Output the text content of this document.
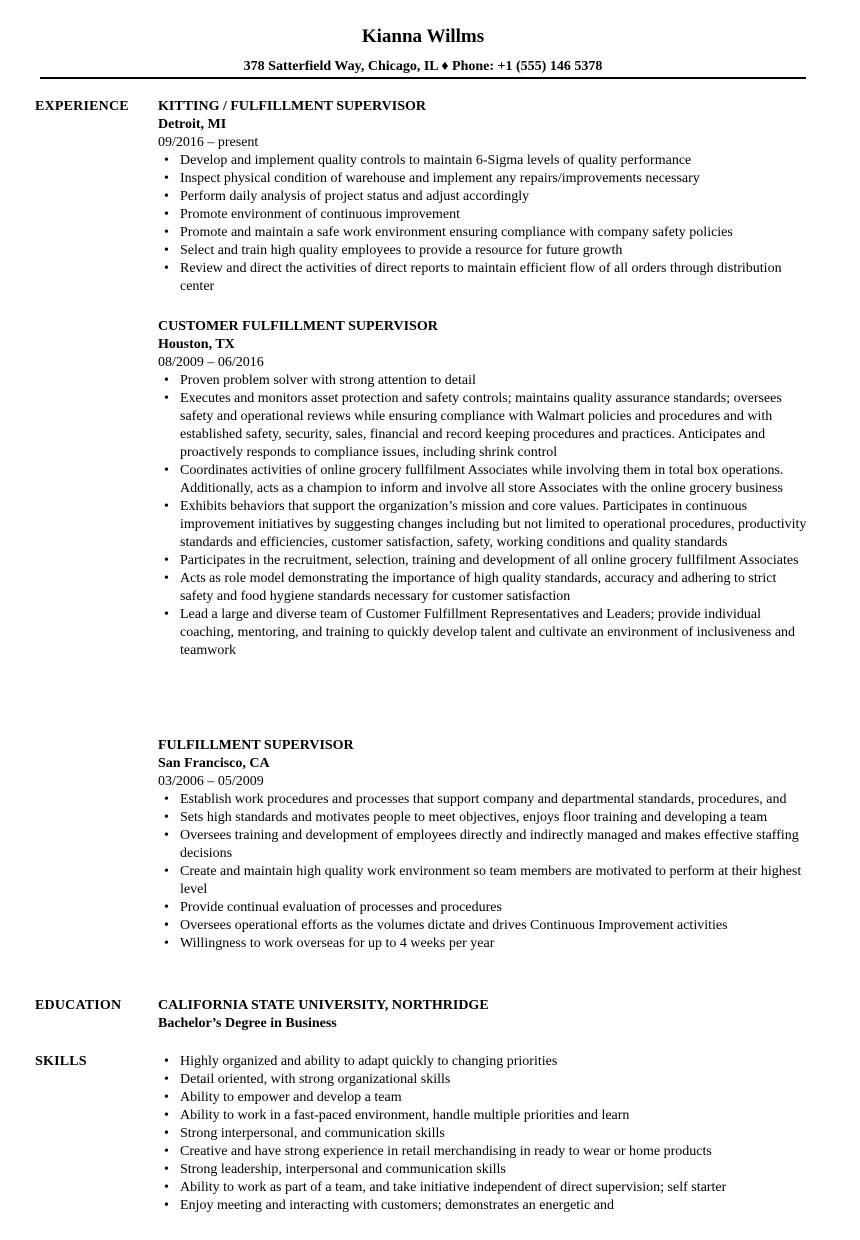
Kianna Willms
378 Satterfield Way, Chicago, IL ♦ Phone: +1 (555) 146 5378
EXPERIENCE KITTING / FULFILLMENT SUPERVISOR
Detroit, MI
09/2016 – present
• Develop and implement quality controls to maintain 6-Sigma levels of quality performance
• Inspect physical condition of warehouse and implement any repairs/improvements necessary
• Perform daily analysis of project status and adjust accordingly
• Promote environment of continuous improvement
• Promote and maintain a safe work environment ensuring compliance with company safety policies
• Select and train high quality employees to provide a resource for future growth
• Review and direct the activities of direct reports to maintain efficient flow of all orders through distribution center
CUSTOMER FULFILLMENT SUPERVISOR
Houston, TX
08/2009 – 06/2016
• Proven problem solver with strong attention to detail
• Executes and monitors asset protection and safety controls; maintains quality assurance standards; oversees safety and operational reviews while ensuring compliance with Walmart policies and procedures and with established safety, security, sales, financial and record keeping procedures and practices. Anticipates and proactively responds to compliance issues, including shrink control
• Coordinates activities of online grocery fullfilment Associates while involving them in total box operations. Additionally, acts as a champion to inform and involve all store Associates with the online grocery business
• Exhibits behaviors that support the organization’s mission and core values. Participates in continuous improvement initiatives by suggesting changes including but not limited to operational procedures, productivity standards and efficiencies, customer satisfaction, safety, working conditions and quality standards
• Participates in the recruitment, selection, training and development of all online grocery fullfilment Associates
• Acts as role model demonstrating the importance of high quality standards, accuracy and adhering to strict safety and food hygiene standards necessary for customer satisfaction
• Lead a large and diverse team of Customer Fulfillment Representatives and Leaders; provide individual coaching, mentoring, and training to quickly develop talent and cultivate an environment of inclusiveness and teamwork
FULFILLMENT SUPERVISOR
San Francisco, CA
03/2006 – 05/2009
• Establish work procedures and processes that support company and departmental standards, procedures, and
• Sets high standards and motivates people to meet objectives, enjoys floor training and developing a team
• Oversees training and development of employees directly and indirectly managed and makes effective staffing decisions
• Create and maintain high quality work environment so team members are motivated to perform at their highest level
• Provide continual evaluation of processes and procedures
• Oversees operational efforts as the volumes dictate and drives Continuous Improvement activities
• Willingness to work overseas for up to 4 weeks per year
EDUCATION	CALIFORNIA STATE UNIVERSITY, NORTHRIDGE
Bachelor’s Degree in Business
SKILLS
•	Highly organized and ability to adapt quickly to changing priorities
• Detail oriented, with strong organizational skills
• Ability to empower and develop a team
• Ability to work in a fast-paced environment, handle multiple priorities and learn
• Strong interpersonal, and communication skills
• Creative and have strong experience in retail merchandising in ready to wear or home products
• Strong leadership, interpersonal and communication skills
• Ability to work as part of a team, and take initiative independent of direct supervision; self starter
• Enjoy meeting and interacting with customers; demonstrates an energetic and
